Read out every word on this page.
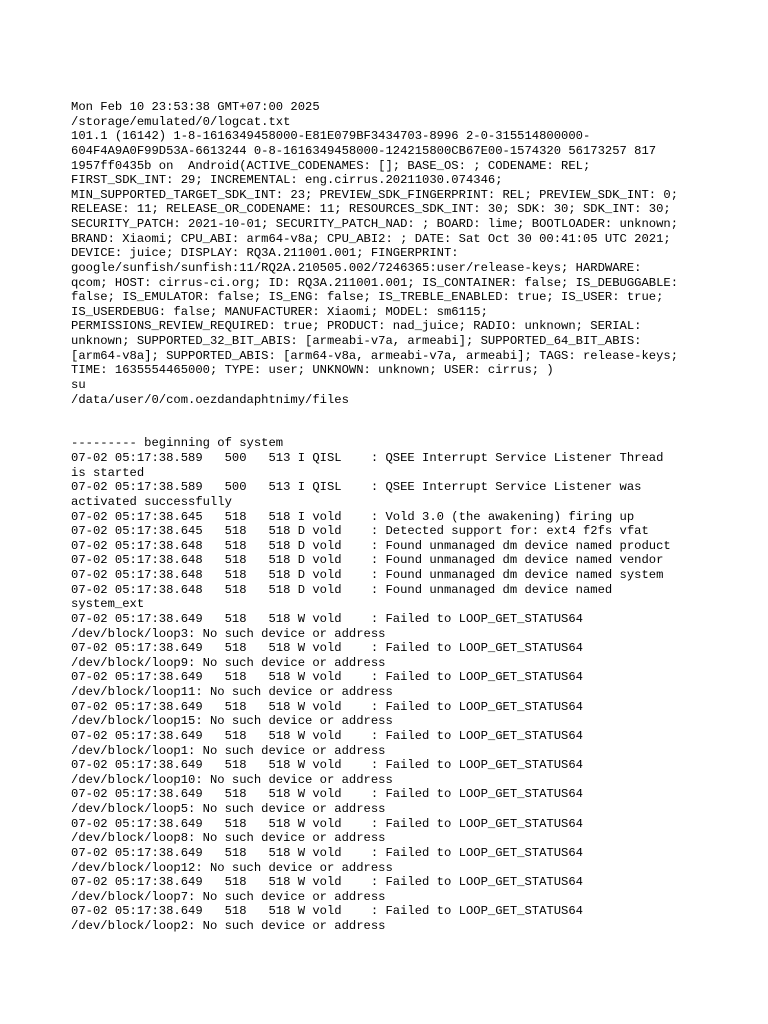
Mon Feb 10 23:53:38 GMT+07:00 2025
/storage/emulated/0/logcat.txt
101.1 (16142) 1-8-1616349458000-E81E079BF3434703-8996 2-0-315514800000-
604F4A9A0F99D53A-6613244 0-8-1616349458000-124215800CB67E00-1574320 56173257 817
1957ff0435b on  Android(ACTIVE_CODENAMES: []; BASE_OS: ; CODENAME: REL;
FIRST_SDK_INT: 29; INCREMENTAL: eng.cirrus.20211030.074346;
MIN_SUPPORTED_TARGET_SDK_INT: 23; PREVIEW_SDK_FINGERPRINT: REL; PREVIEW_SDK_INT: 0;
RELEASE: 11; RELEASE_OR_CODENAME: 11; RESOURCES_SDK_INT: 30; SDK: 30; SDK_INT: 30;
SECURITY_PATCH: 2021-10-01; SECURITY_PATCH_NAD: ; BOARD: lime; BOOTLOADER: unknown;
BRAND: Xiaomi; CPU_ABI: arm64-v8a; CPU_ABI2: ; DATE: Sat Oct 30 00:41:05 UTC 2021;
DEVICE: juice; DISPLAY: RQ3A.211001.001; FINGERPRINT:
google/sunfish/sunfish:11/RQ2A.210505.002/7246365:user/release-keys; HARDWARE:
qcom; HOST: cirrus-ci.org; ID: RQ3A.211001.001; IS_CONTAINER: false; IS_DEBUGGABLE:
false; IS_EMULATOR: false; IS_ENG: false; IS_TREBLE_ENABLED: true; IS_USER: true;
IS_USERDEBUG: false; MANUFACTURER: Xiaomi; MODEL: sm6115;
PERMISSIONS_REVIEW_REQUIRED: true; PRODUCT: nad_juice; RADIO: unknown; SERIAL:
unknown; SUPPORTED_32_BIT_ABIS: [armeabi-v7a, armeabi]; SUPPORTED_64_BIT_ABIS:
[arm64-v8a]; SUPPORTED_ABIS: [arm64-v8a, armeabi-v7a, armeabi]; TAGS: release-keys;
TIME: 1635554465000; TYPE: user; UNKNOWN: unknown; USER: cirrus; )
su
/data/user/0/com.oezdandaphtnimy/files
--------- beginning of system
07-02 05:17:38.589   500   513 I QISL    : QSEE Interrupt Service Listener Thread
is started
07-02 05:17:38.589   500   513 I QISL    : QSEE Interrupt Service Listener was
activated successfully
07-02 05:17:38.645   518   518 I vold    : Vold 3.0 (the awakening) firing up
07-02 05:17:38.645   518   518 D vold    : Detected support for: ext4 f2fs vfat
07-02 05:17:38.648   518   518 D vold    : Found unmanaged dm device named product
07-02 05:17:38.648   518   518 D vold    : Found unmanaged dm device named vendor
07-02 05:17:38.648   518   518 D vold    : Found unmanaged dm device named system
07-02 05:17:38.648   518   518 D vold    : Found unmanaged dm device named
system_ext
07-02 05:17:38.649   518   518 W vold    : Failed to LOOP_GET_STATUS64
/dev/block/loop3: No such device or address
07-02 05:17:38.649   518   518 W vold    : Failed to LOOP_GET_STATUS64
/dev/block/loop9: No such device or address
07-02 05:17:38.649   518   518 W vold    : Failed to LOOP_GET_STATUS64
/dev/block/loop11: No such device or address
07-02 05:17:38.649   518   518 W vold    : Failed to LOOP_GET_STATUS64
/dev/block/loop15: No such device or address
07-02 05:17:38.649   518   518 W vold    : Failed to LOOP_GET_STATUS64
/dev/block/loop1: No such device or address
07-02 05:17:38.649   518   518 W vold    : Failed to LOOP_GET_STATUS64
/dev/block/loop10: No such device or address
07-02 05:17:38.649   518   518 W vold    : Failed to LOOP_GET_STATUS64
/dev/block/loop5: No such device or address
07-02 05:17:38.649   518   518 W vold    : Failed to LOOP_GET_STATUS64
/dev/block/loop8: No such device or address
07-02 05:17:38.649   518   518 W vold    : Failed to LOOP_GET_STATUS64
/dev/block/loop12: No such device or address
07-02 05:17:38.649   518   518 W vold    : Failed to LOOP_GET_STATUS64
/dev/block/loop7: No such device or address
07-02 05:17:38.649   518   518 W vold    : Failed to LOOP_GET_STATUS64
/dev/block/loop2: No such device or address
